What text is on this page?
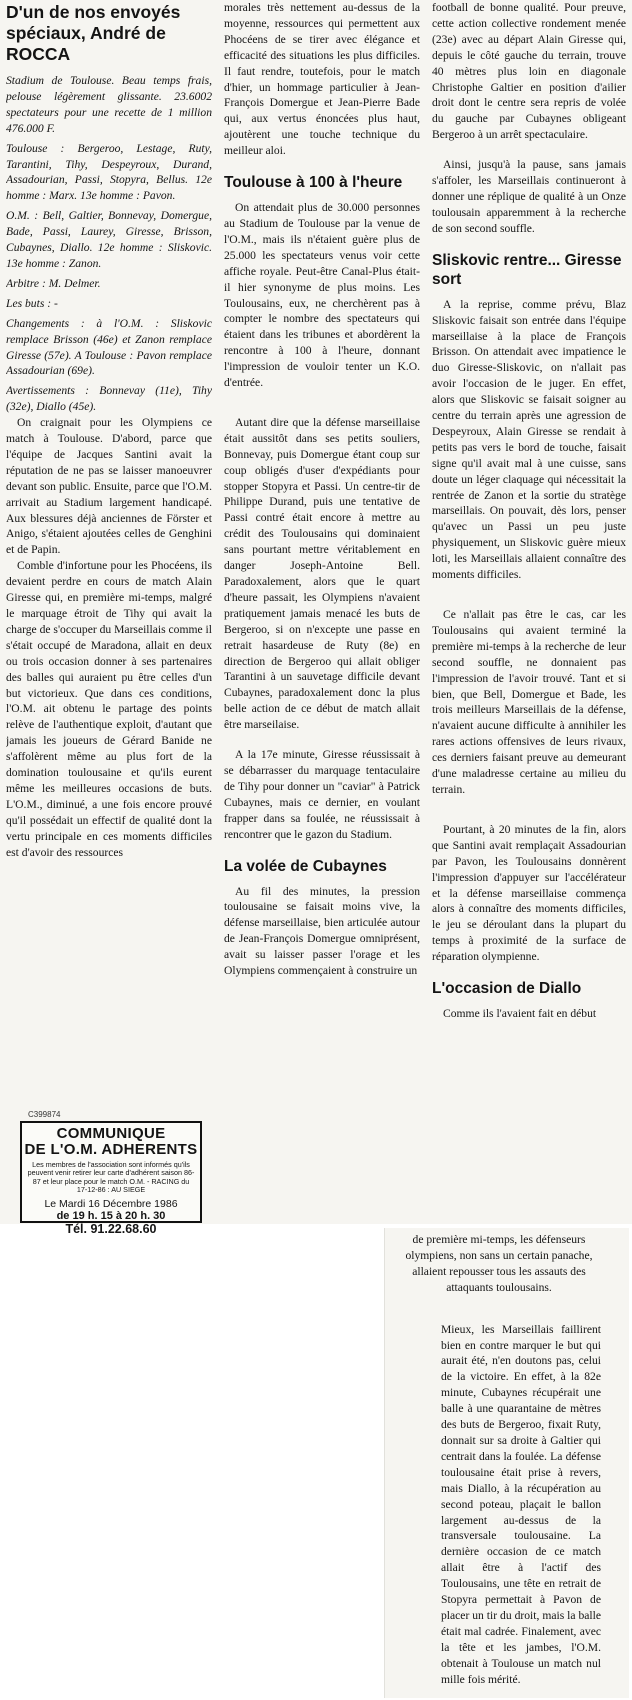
D'un de nos envoyés spéciaux, André de ROCCA

Stadium de Toulouse. Beau temps frais, pelouse légèrement glissante. 23.6002 spectateurs pour une recette de 1 million 476.000 F.

Toulouse : Bergeroo, Lestage, Ruty, Tarantini, Tihy, Despeyroux, Durand, Assadourian, Passi, Stopyra, Bellus. 12e homme : Marx. 13e homme : Pavon.

O.M. : Bell, Galtier, Bonnevay, Domergue, Bade, Passi, Laurey, Giresse, Brisson, Cubaynes, Diallo. 12e homme : Sliskovic. 13e homme : Zanon.

Arbitre : M. Delmer.

Les buts : -

Changements : à l'O.M. : Sliskovic remplace Brisson (46e) et Zanon remplace Giresse (57e). A Toulouse : Pavon remplace Assadourian (69e).

Avertissements : Bonnevay (11e), Tihy (32e), Diallo (45e).

On craignait pour les Olympiens ce match à Toulouse. D'abord, parce que l'équipe de Jacques Santini avait la réputation de ne pas se laisser manoeuvrer devant son public. Ensuite, parce que l'O.M. arrivait au Stadium largement handicapé. Aux blessures déjà anciennes de Förster et Anigo, s'étaient ajoutées celles de Genghini et de Papin.

Comble d'infortune pour les Phocéens, ils devaient perdre en cours de match Alain Giresse qui, en première mi-temps, malgré le marquage étroit de Tihy qui avait la charge de s'occuper du Marseillais comme il s'était occupé de Maradona, allait en deux ou trois occasion donner à ses partenaires des balles qui auraient pu être celles d'un but victorieux. Que dans ces conditions, l'O.M. ait obtenu le partage des points relève de l'authentique exploit, d'autant que jamais les joueurs de Gérard Banide ne s'affolèrent même au plus fort de la domination toulousaine et qu'ils eurent même les meilleures occasions de buts. L'O.M., diminué, a une fois encore prouvé qu'il possédait un effectif de qualité dont la vertu principale en ces moments difficiles est d'avoir des ressources

C399874
COMMUNIQUE
DE L'O.M. ADHERENTS
Les membres de l'association sont informés qu'ils peuvent venir retirer leur carte d'adhérent saison 86-87 et leur place pour le match O.M. - RACING du 17-12-86 : AU SIEGE
Le Mardi 16 Décembre 1986
de 19 h. 15 à 20 h. 30
Tél. 91.22.68.60

morales très nettement au-dessus de la moyenne, ressources qui permettent aux Phocéens de se tirer avec élégance et efficacité des situations les plus difficiles. Il faut rendre, toutefois, pour le match d'hier, un hommage particulier à Jean-François Domergue et Jean-Pierre Bade qui, aux vertus énoncées plus haut, ajoutèrent une touche technique du meilleur aloi.

Toulouse à 100 à l'heure

On attendait plus de 30.000 personnes au Stadium de Toulouse par la venue de l'O.M., mais ils n'étaient guère plus de 25.000 les spectateurs venus voir cette affiche royale. Peut-être Canal-Plus était-il hier synonyme de plus moins. Les Toulousains, eux, ne cherchèrent pas à compter le nombre des spectateurs qui étaient dans les tribunes et abordèrent la rencontre à 100 à l'heure, donnant l'impression de vouloir tenter un K.O. d'entrée.

Autant dire que la défense marseillaise était aussitôt dans ses petits souliers, Bonnevay, puis Domergue étant coup sur coup obligés d'user d'expédiants pour stopper Stopyra et Passi. Un centre-tir de Philippe Durand, puis une tentative de Passi contré était encore à mettre au crédit des Toulousains qui dominaient sans pourtant mettre véritablement en danger Joseph-Antoine Bell. Paradoxalement, alors que le quart d'heure passait, les Olympiens n'avaient pratiquement jamais menacé les buts de Bergeroo, si on n'excepte une passe en retrait hasardeuse de Ruty (8e) en direction de Bergeroo qui allait obliger Tarantini à un sauvetage difficile devant Cubaynes, paradoxalement donc la plus belle action de ce début de match allait être marseilaise.

A la 17e minute, Giresse réussissait à se débarrasser du marquage tentaculaire de Tihy pour donner un "caviar" à Patrick Cubaynes, mais ce dernier, en voulant frapper dans sa foulée, ne réussissait à rencontrer que le gazon du Stadium.

La volée de Cubaynes

Au fil des minutes, la pression toulousaine se faisait moins vive, la défense marseillaise, bien articulée autour de Jean-François Domergue omniprésent, avait su laisser passer l'orage et les Olympiens commençaient à construire un

football de bonne qualité. Pour preuve, cette action collective rondement menée (23e) avec au départ Alain Giresse qui, depuis le côté gauche du terrain, trouve 40 mètres plus loin en diagonale Christophe Galtier en position d'ailier droit dont le centre sera repris de volée du gauche par Cubaynes obligeant Bergeroo à un arrêt spectaculaire.

Ainsi, jusqu'à la pause, sans jamais s'affoler, les Marseillais continueront à donner une réplique de qualité à un Onze toulousain apparemment à la recherche de son second souffle.

Sliskovic rentre... Giresse sort

A la reprise, comme prévu, Blaz Sliskovic faisait son entrée dans l'équipe marseillaise à la place de François Brisson. On attendait avec impatience le duo Giresse-Sliskovic, on n'allait pas avoir l'occasion de le juger. En effet, alors que Sliskovic se faisait soigner au centre du terrain après une agression de Despeyroux, Alain Giresse se rendait à petits pas vers le bord de touche, faisait signe qu'il avait mal à une cuisse, sans doute un léger claquage qui nécessitait la rentrée de Zanon et la sortie du stratège marseillais. On pouvait, dès lors, penser qu'avec un Passi un peu juste physiquement, un Sliskovic guère mieux loti, les Marseillais allaient connaître des moments difficiles.

Ce n'allait pas être le cas, car les Toulousains qui avaient terminé la première mi-temps à la recherche de leur second souffle, ne donnaient pas l'impression de l'avoir trouvé. Tant et si bien, que Bell, Domergue et Bade, les trois meilleurs Marseillais de la défense, n'avaient aucune difficulte à annihiler les rares actions offensives de leurs rivaux, ces derniers faisant preuve au demeurant d'une maladresse certaine au milieu du terrain.

Pourtant, à 20 minutes de la fin, alors que Santini avait remplaçait Assadourian par Pavon, les Toulousains donnèrent l'impression d'appuyer sur l'accélérateur et la défense marseillaise commença alors à connaître des moments difficiles, le jeu se déroulant dans la plupart du temps à proximité de la surface de réparation olympienne.

L'occasion de Diallo

Comme ils l'avaient fait en début

de première mi-temps, les défenseurs olympiens, non sans un certain panache, allaient repousser tous les assauts des attaquants toulousains.

Mieux, les Marseillais faillirent bien en contre marquer le but qui aurait été, n'en doutons pas, celui de la victoire. En effet, à la 82e minute, Cubaynes récupérait une balle à une quarantaine de mètres des buts de Bergeroo, fixait Ruty, donnait sur sa droite à Galtier qui centrait dans la foulée. La défense toulousaine était prise à revers, mais Diallo, à la récupération au second poteau, plaçait le ballon largement au-dessus de la transversale toulousaine. La dernière occasion de ce match allait être à l'actif des Toulousains, une tête en retrait de Stopyra permettait à Pavon de placer un tir du droit, mais la balle était mal cadrée. Finalement, avec la tête et les jambes, l'O.M. obtenait à Toulouse un match nul mille fois mérité.
